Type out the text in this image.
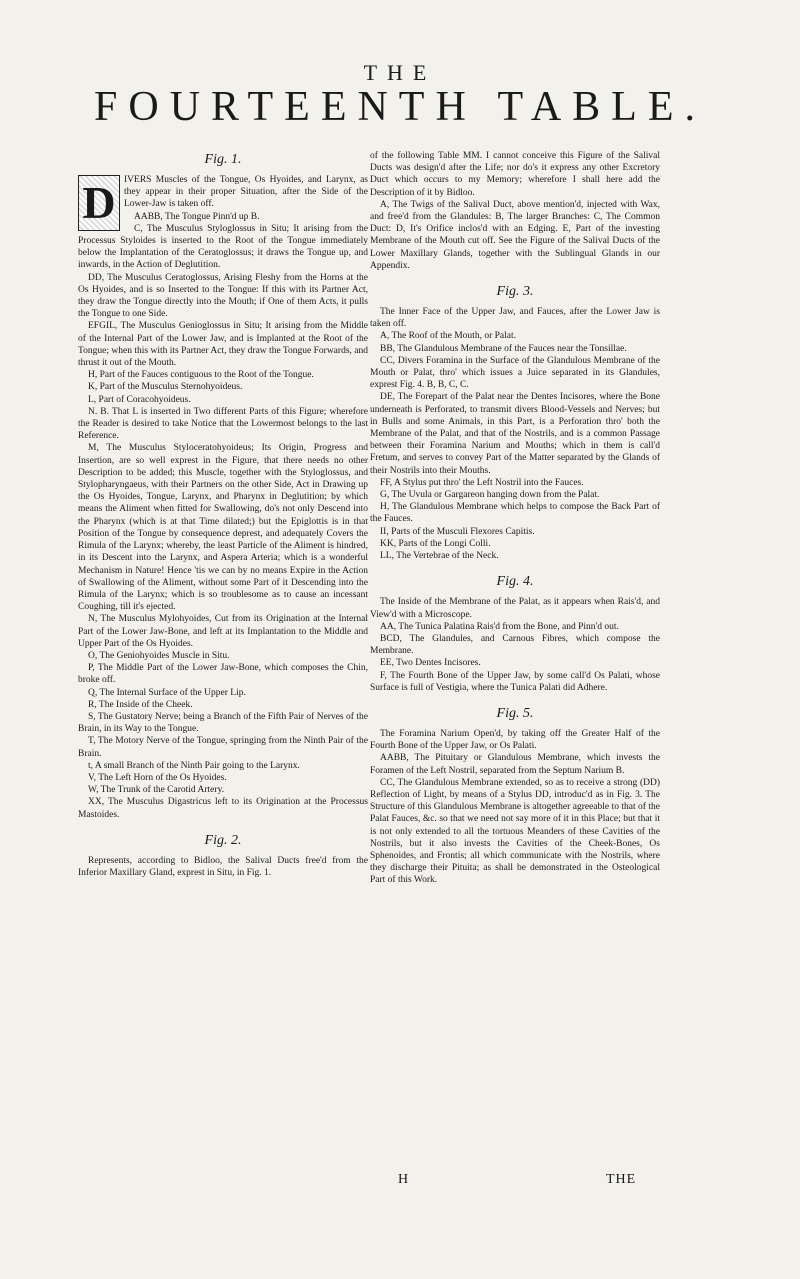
THE
FOURTEENTH TABLE.
Fig. 1.
D IVERS Muscles of the Tongue, Os Hyoides, and Larynx, as they appear in their proper Situation, after the Side of the Lower-Jaw is taken off.

AABB, The Tongue Pinn'd up B.

C, The Musculus Styloglossus in Situ; It arising from the Processus Styloides is inserted to the Root of the Tongue immediately below the Implantation of the Ceratoglossus; it draws the Tongue up, and inwards, in the Action of Deglutition.

DD, The Musculus Ceratoglossus, Arising Fleshy from the Horns at the Os Hyoides, and is so Inserted to the Tongue: If this with its Partner Act, they draw the Tongue directly into the Mouth; if One of them Acts, it pulls the Tongue to one Side.

EFGIL, The Musculus Genioglossus in Situ; It arising from the Middle of the Internal Part of the Lower Jaw, and is Implanted at the Root of the Tongue; when this with its Partner Act, they draw the Tongue Forwards, and thrust it out of the Mouth.

H, Part of the Fauces contiguous to the Root of the Tongue.

K, Part of the Musculus Sternohyoideus.

L, Part of Coracohyoideus.

N. B. That L is inserted in Two different Parts of this Figure; wherefore the Reader is desired to take Notice that the Lowermost belongs to the last Reference.

M, The Musculus Styloceratohyoideus; Its Origin, Progress and Insertion, are so well exprest in the Figure, that there needs no other Description to be added; this Muscle, together with the Styloglossus, and Stylopharyngaeus, with their Partners on the other Side, Act in Drawing up the Os Hyoides, Tongue, Larynx, and Pharynx in Deglutition; by which means the Aliment when fitted for Swallowing, do's not only Descend into the Pharynx (which is at that Time dilated;) but the Epiglottis is in that Position of the Tongue by consequence deprest, and adequately Covers the Rimula of the Larynx; whereby, the least Particle of the Aliment is hindred, in its Descent into the Larynx, and Aspera Arteria; which is a wonderful Mechanism in Nature! Hence 'tis we can by no means Expire in the Action of Swallowing of the Aliment, without some Part of it Descending into the Rimula of the Larynx; which is so troublesome as to cause an incessant Coughing, till it's ejected.

N, The Musculus Mylohyoides, Cut from its Origination at the Internal Part of the Lower Jaw-Bone, and left at its Implantation to the Middle and Upper Part of the Os Hyoides.

O, The Geniohyoides Muscle in Situ.

P, The Middle Part of the Lower Jaw-Bone, which composes the Chin, broke off.

Q, The Internal Surface of the Upper Lip.

R, The Inside of the Cheek.

S, The Gustatory Nerve; being a Branch of the Fifth Pair of Nerves of the Brain, in its Way to the Tongue.

T, The Motory Nerve of the Tongue, springing from the Ninth Pair of the Brain.

t, A small Branch of the Ninth Pair going to the Larynx.

V, The Left Horn of the Os Hyoides.

W, The Trunk of the Carotid Artery.

XX, The Musculus Digastricus left to its Origination at the Processus Mastoides.

Fig. 2.

Represents, according to Bidloo, the Salival Ducts free'd from the Inferior Maxillary Gland, exprest in Situ, in Fig. 1.

of the following Table MM. I cannot conceive this Figure of the Salival Ducts was design'd after the Life; nor do's it express any other Excretory Duct which occurs to my Memory; wherefore I shall here add the Description of it by Bidloo.

A, The Twigs of the Salival Duct, above mention'd, injected with Wax, and free'd from the Glandules: B, The larger Branches: C, The Common Duct: D, It's Orifice inclos'd with an Edging. E, Part of the investing Membrane of the Mouth cut off. See the Figure of the Salival Ducts of the Lower Maxillary Glands, together with the Sublingual Glands in our Appendix.

Fig. 3.

The Inner Face of the Upper Jaw, and Fauces, after the Lower Jaw is taken off.

A, The Roof of the Mouth, or Palat.

BB, The Glandulous Membrane of the Fauces near the Tonsillae.

CC, Divers Foramina in the Surface of the Glandulous Membrane of the Mouth or Palat, thro' which issues a Juice separated in its Glandules, exprest Fig. 4. B, B, C, C.

DE, The Forepart of the Palat near the Dentes Incisores, where the Bone underneath is Perforated, to transmit divers Blood-Vessels and Nerves; but in Bulls and some Animals, in this Part, is a Perforation thro' both the Membrane of the Palat, and that of the Nostrils, and is a common Passage between their Foramina Narium and Mouths; which in them is call'd Fretum, and serves to convey Part of the Matter separated by the Glands of their Nostrils into their Mouths.

FF, A Stylus put thro' the Left Nostril into the Fauces.

G, The Uvula or Gargareon hanging down from the Palat.

H, The Glandulous Membrane which helps to compose the Back Part of the Fauces.

II, Parts of the Musculi Flexores Capitis.

KK, Parts of the Longi Colli.

LL, The Vertebrae of the Neck.

Fig. 4.

The Inside of the Membrane of the Palat, as it appears when Rais'd, and View'd with a Microscope.

AA, The Tunica Palatina Rais'd from the Bone, and Pinn'd out.

BCD, The Glandules, and Carnous Fibres, which compose the Membrane.

EE, Two Dentes Incisores.

F, The Fourth Bone of the Upper Jaw, by some call'd Os Palati, whose Surface is full of Vestigia, where the Tunica Palati did Adhere.

Fig. 5.

The Foramina Narium Open'd, by taking off the Greater Half of the Fourth Bone of the Upper Jaw, or Os Palati.

AABB, The Pituitary or Glandulous Membrane, which invests the Foramen of the Left Nostril, separated from the Septum Narium B.

CC, The Glandulous Membrane extended, so as to receive a strong (DD) Reflection of Light, by means of a Stylus DD, introduc'd as in Fig. 3. The Structure of this Glandulous Membrane is altogether agreeable to that of the Palat Fauces, &c. so that we need not say more of it in this Place; but that it is not only extended to all the tortuous Meanders of these Cavities of the Nostrils, but it also invests the Cavities of the Cheek-Bones, Os Sphenoides, and Frontis; all which communicate with the Nostrils, where they discharge their Pituita; as shall be demonstrated in the Osteological Part of this Work.

H	THE
